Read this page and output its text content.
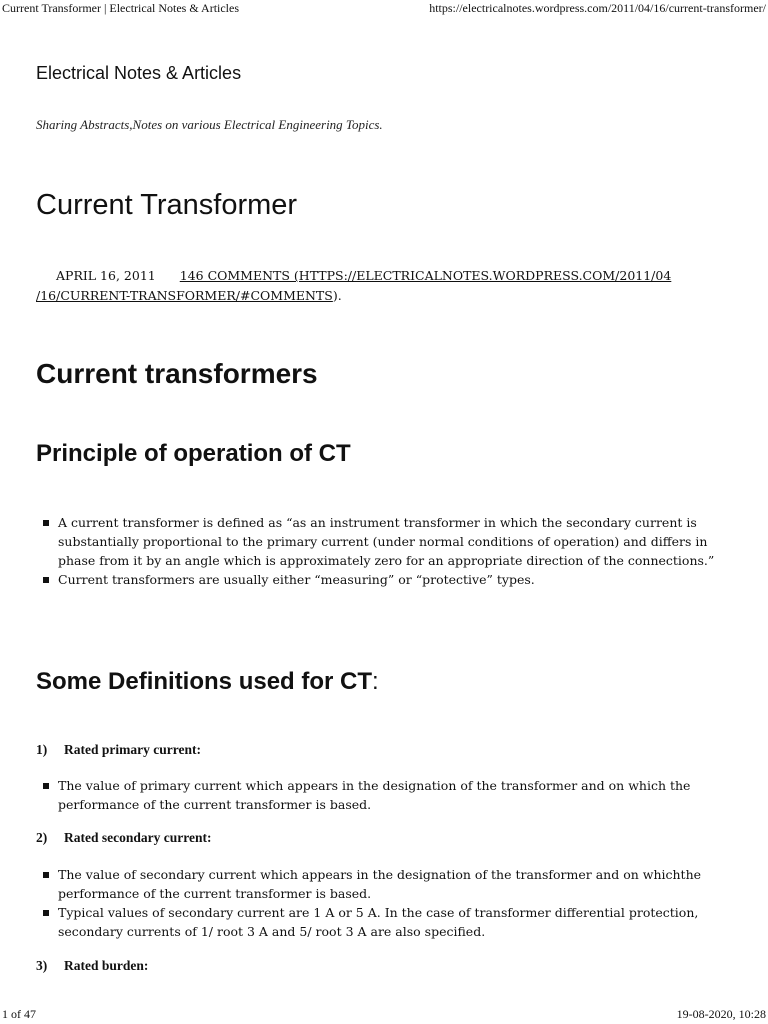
Current Transformer | Electrical Notes & Articles	https://electricalnotes.wordpress.com/2011/04/16/current-transformer/
Electrical Notes & Articles
Sharing Abstracts,Notes on various Electrical Engineering Topics.
Current Transformer
APRIL 16, 2011 146 COMMENTS (HTTPS://ELECTRICALNOTES.WORDPRESS.COM/2011/04
/16/CURRENT-TRANSFORMER/#COMMENTS).
Current transformers
Principle of operation of CT
A current transformer is defined as “as an instrument transformer in which the secondary current is substantially proportional to the primary current (under normal conditions of operation) and differs in phase from it by an angle which is approximately zero for an appropriate direction of the connections.”
Current transformers are usually either “measuring” or “protective” types.
Some Definitions used for CT:
1) Rated primary current:
The value of primary current which appears in the designation of the transformer and on which the performance of the current transformer is based.
2) Rated secondary current:
The value of secondary current which appears in the designation of the transformer and on whichthe performance of the current transformer is based.
Typical values of secondary current are 1 A or 5 A. In the case of transformer differential protection, secondary currents of 1/ root 3 A and 5/ root 3 A are also specified.
3) Rated burden:
1 of 47	19-08-2020, 10:28
